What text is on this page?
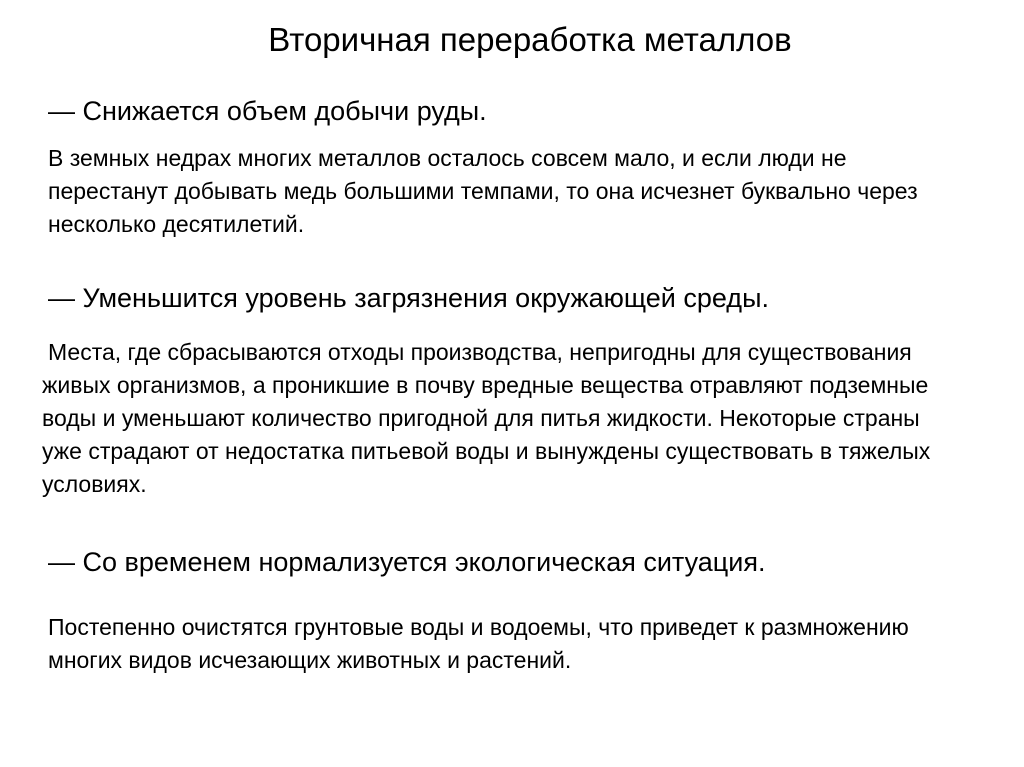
Вторичная переработка металлов
— Снижается объем добычи руды.

В земных недрах многих металлов осталось совсем мало, и если люди не перестанут добывать медь большими темпами, то она исчезнет буквально через несколько десятилетий.

— Уменьшится уровень загрязнения окружающей среды.

Места, где сбрасываются отходы производства, непригодны для существования живых организмов, а проникшие в почву вредные вещества отравляют подземные воды и уменьшают количество пригодной для питья жидкости. Некоторые страны уже страдают от недостатка питьевой воды и вынуждены существовать в тяжелых условиях.

— Со временем нормализуется экологическая ситуация.

Постепенно очистятся грунтовые воды и водоемы, что приведет к размножению многих видов исчезающих животных и растений.
